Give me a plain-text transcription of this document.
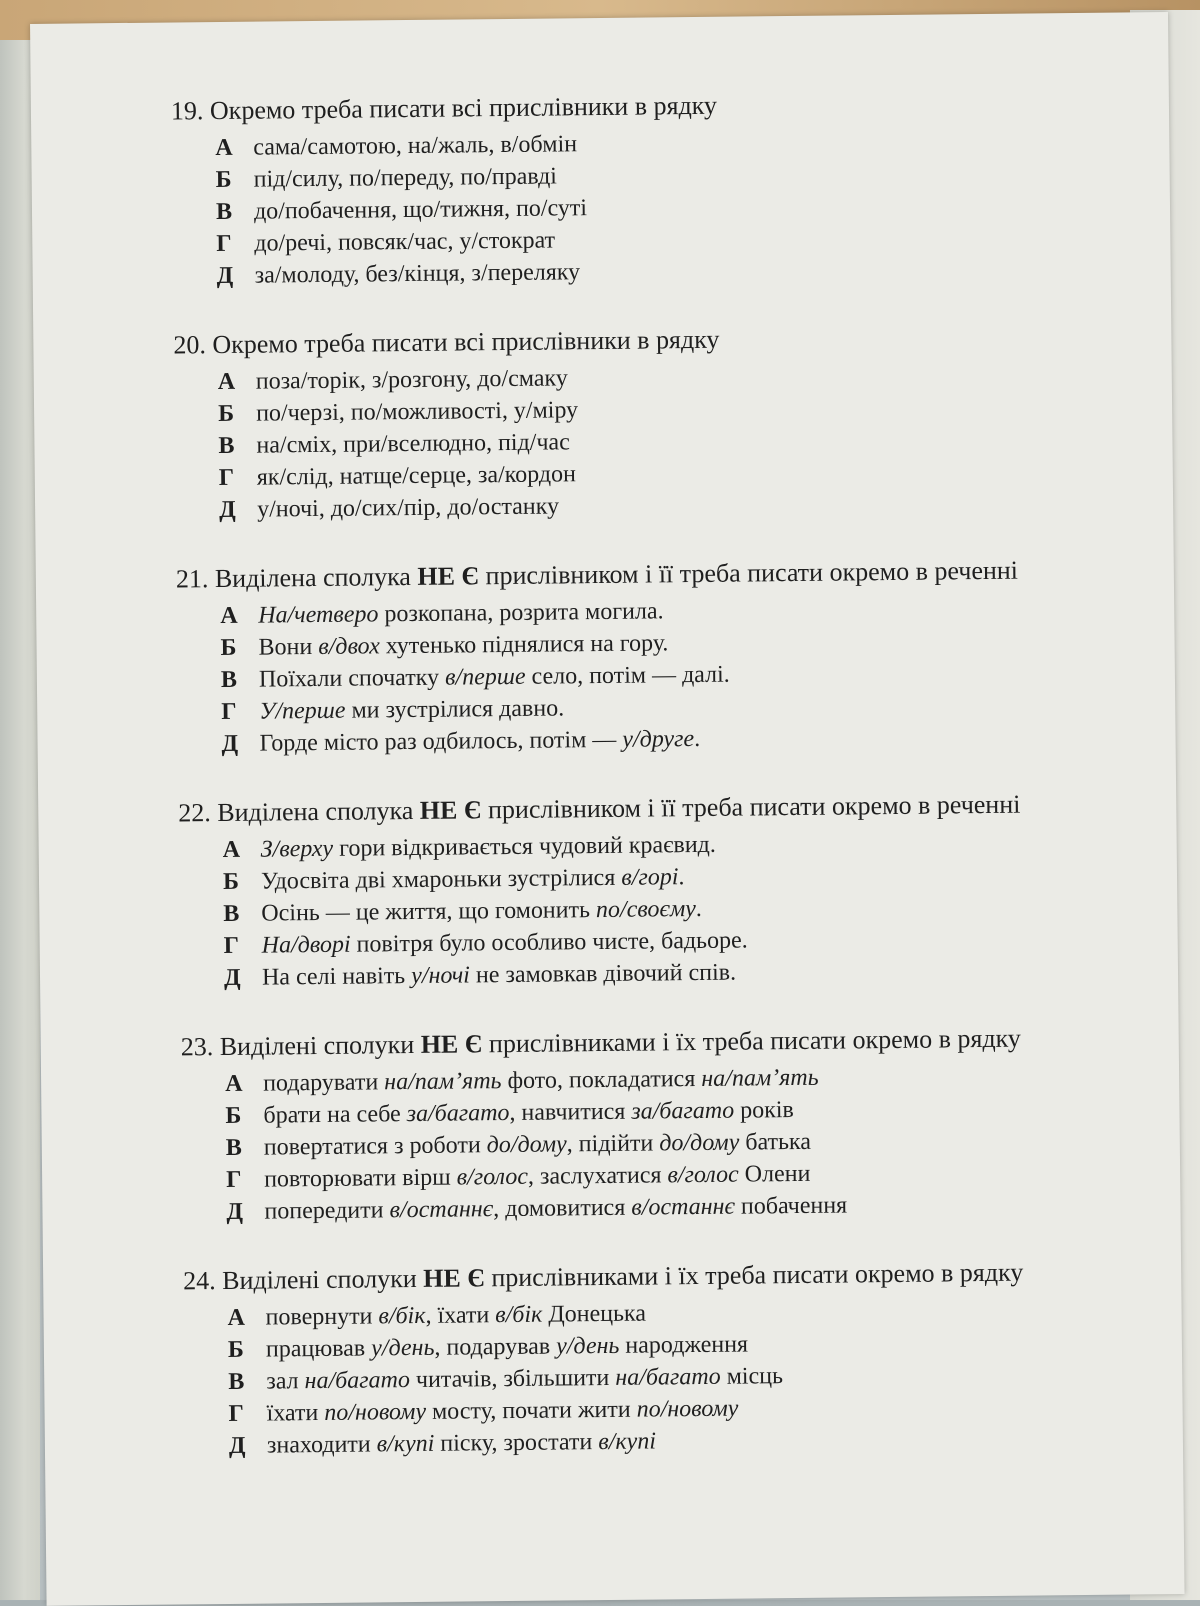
19. Окремо треба писати всі прислівники в рядку
А сама/самотою, на/жаль, в/обмін
Б під/силу, по/переду, по/правді
В до/побачення, що/тижня, по/суті
Г до/речі, повсяк/час, у/стократ
Д за/молоду, без/кінця, з/переляку
20. Окремо треба писати всі прислівники в рядку
А поза/торік, з/розгону, до/смаку
Б по/черзі, по/можливості, у/міру
В на/сміх, при/вселюдно, під/час
Г як/слід, натще/серце, за/кордон
Д у/ночі, до/сих/пір, до/останку
21. Виділена сполука НЕ Є прислівником і її треба писати окремо в реченні
А На/четверо розкопана, розрита могила.
Б Вони в/двох хутенько піднялися на гору.
В Поїхали спочатку в/перше село, потім — далі.
Г У/перше ми зустрілися давно.
Д Горде місто раз одбилось, потім — у/друге.
22. Виділена сполука НЕ Є прислівником і її треба писати окремо в реченні
А З/верху гори відкривається чудовий краєвид.
Б Удосвіта дві хмароньки зустрілися в/горі.
В Осінь — це життя, що гомонить по/своєму.
Г На/дворі повітря було особливо чисте, бадьоре.
Д На селі навіть у/ночі не замовкав дівочий спів.
23. Виділені сполуки НЕ Є прислівниками і їх треба писати окремо в рядку
А подарувати на/пам’ять фото, покладатися на/пам’ять
Б брати на себе за/багато, навчитися за/багато років
В повертатися з роботи до/дому, підійти до/дому батька
Г повторювати вірш в/голос, заслухатися в/голос Олени
Д попередити в/останнє, домовитися в/останнє побачення
24. Виділені сполуки НЕ Є прислівниками і їх треба писати окремо в рядку
А повернути в/бік, їхати в/бік Донецька
Б працював у/день, подарував у/день народження
В зал на/багато читачів, збільшити на/багато місць
Г їхати по/новому мосту, почати жити по/новому
Д знаходити в/купі піску, зростати в/купі
